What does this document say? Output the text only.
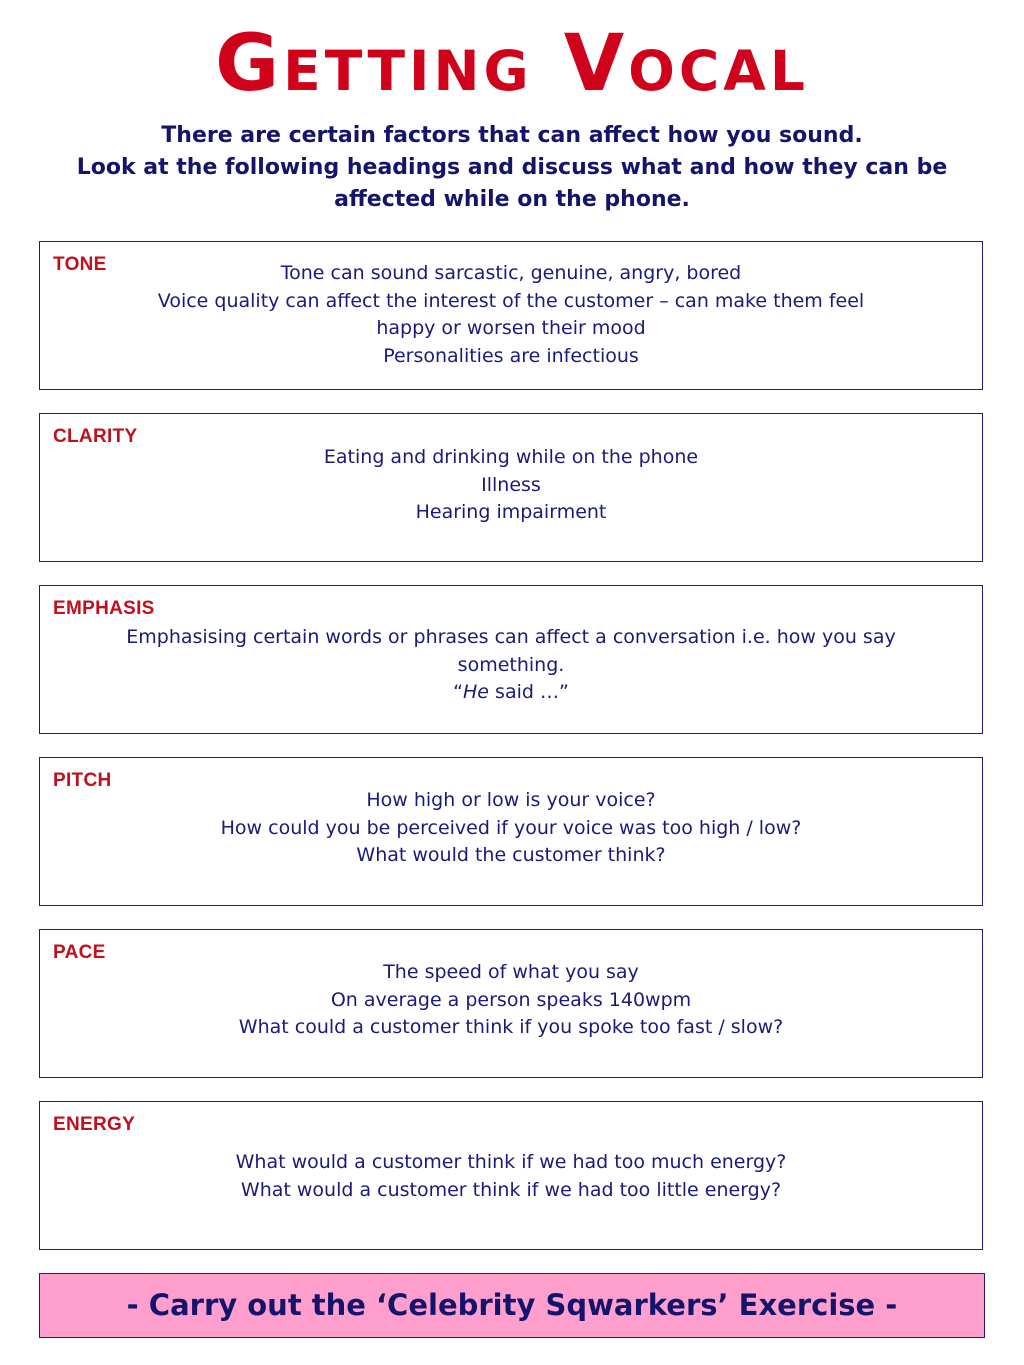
Getting Vocal
There are certain factors that can affect how you sound.
Look at the following headings and discuss what and how they can be
affected while on the phone.
TONE	Tone can sound sarcastic, genuine, angry, bored
Voice quality can affect the interest of the customer – can make them feel
happy or worsen their mood
Personalities are infectious
CLARITY
Eating and drinking while on the phone
Illness
Hearing impairment
EMPHASIS
Emphasising certain words or phrases can affect a conversation i.e. how you say
something.
“He said …”
PITCH
How high or low is your voice?
How could you be perceived if your voice was too high / low?
What would the customer think?
PACE
The speed of what you say
On average a person speaks 140wpm
What could a customer think if you spoke too fast / slow?
ENERGY
What would a customer think if we had too much energy?
What would a customer think if we had too little energy?
- Carry out the ‘Celebrity Sqwarkers’ Exercise -
